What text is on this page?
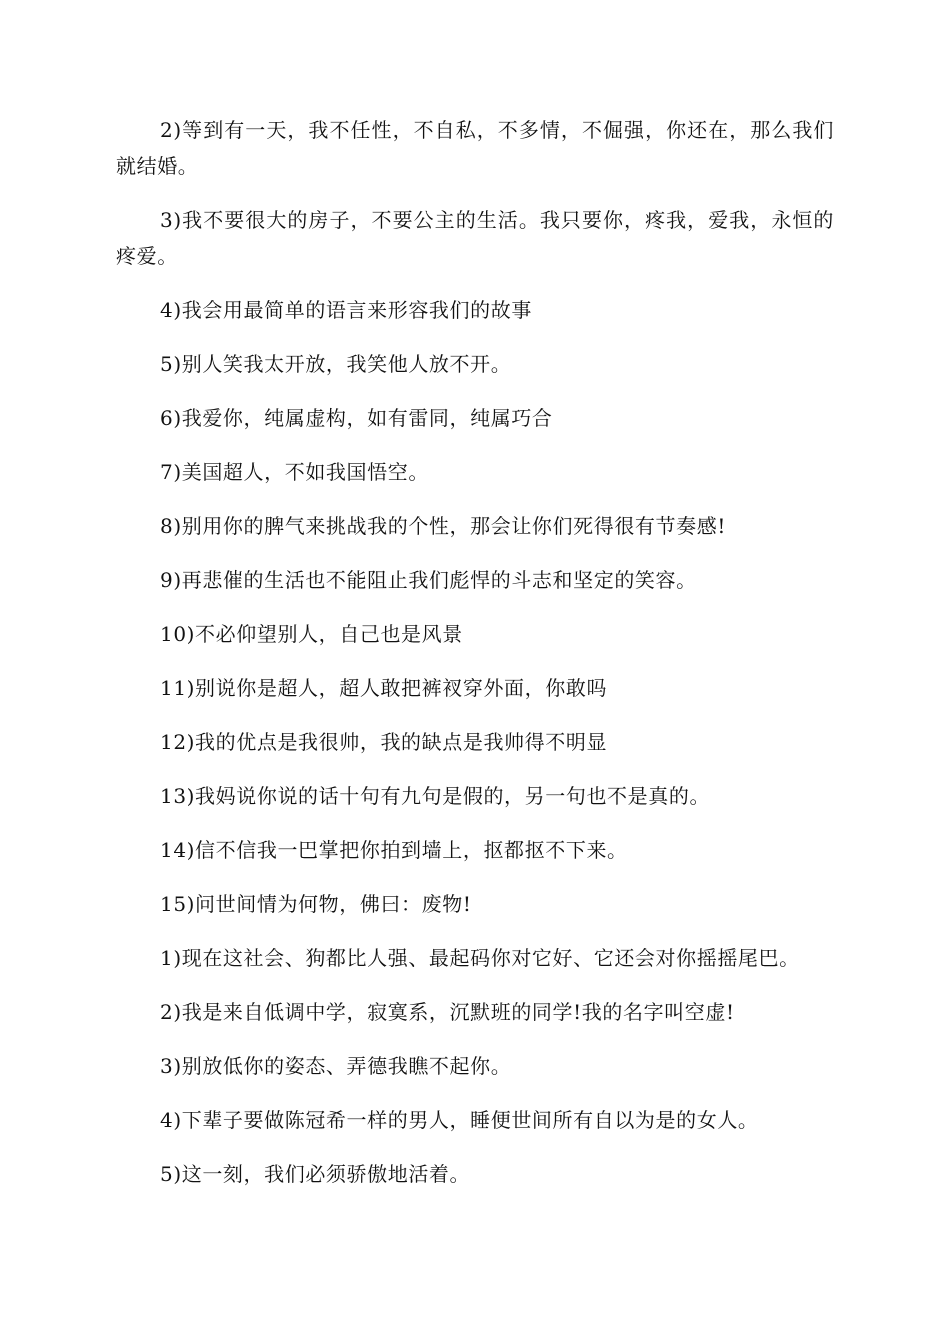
2)等到有一天，我不任性，不自私，不多情，不倔强，你还在，那么我们就结婚。

3)我不要很大的房子，不要公主的生活。我只要你，疼我，爱我，永恒的疼爱。

4)我会用最简单的语言来形容我们的故事

5)别人笑我太开放，我笑他人放不开。

6)我爱你，纯属虚构，如有雷同，纯属巧合

7)美国超人，不如我国悟空。

8)别用你的脾气来挑战我的个性，那会让你们死得很有节奏感!

9)再悲催的生活也不能阻止我们彪悍的斗志和坚定的笑容。

10)不必仰望别人，自己也是风景

11)别说你是超人，超人敢把裤衩穿外面，你敢吗

12)我的优点是我很帅，我的缺点是我帅得不明显

13)我妈说你说的话十句有九句是假的，另一句也不是真的。

14)信不信我一巴掌把你拍到墙上，抠都抠不下来。

15)问世间情为何物，佛曰：废物!

1)现在这社会、狗都比人强、最起码你对它好、它还会对你摇摇尾巴。

2)我是来自低调中学，寂寞系，沉默班的同学!我的名字叫空虚!

3)别放低你的姿态、弄德我瞧不起你。

4)下辈子要做陈冠希一样的男人，睡便世间所有自以为是的女人。

5)这一刻，我们必须骄傲地活着。
